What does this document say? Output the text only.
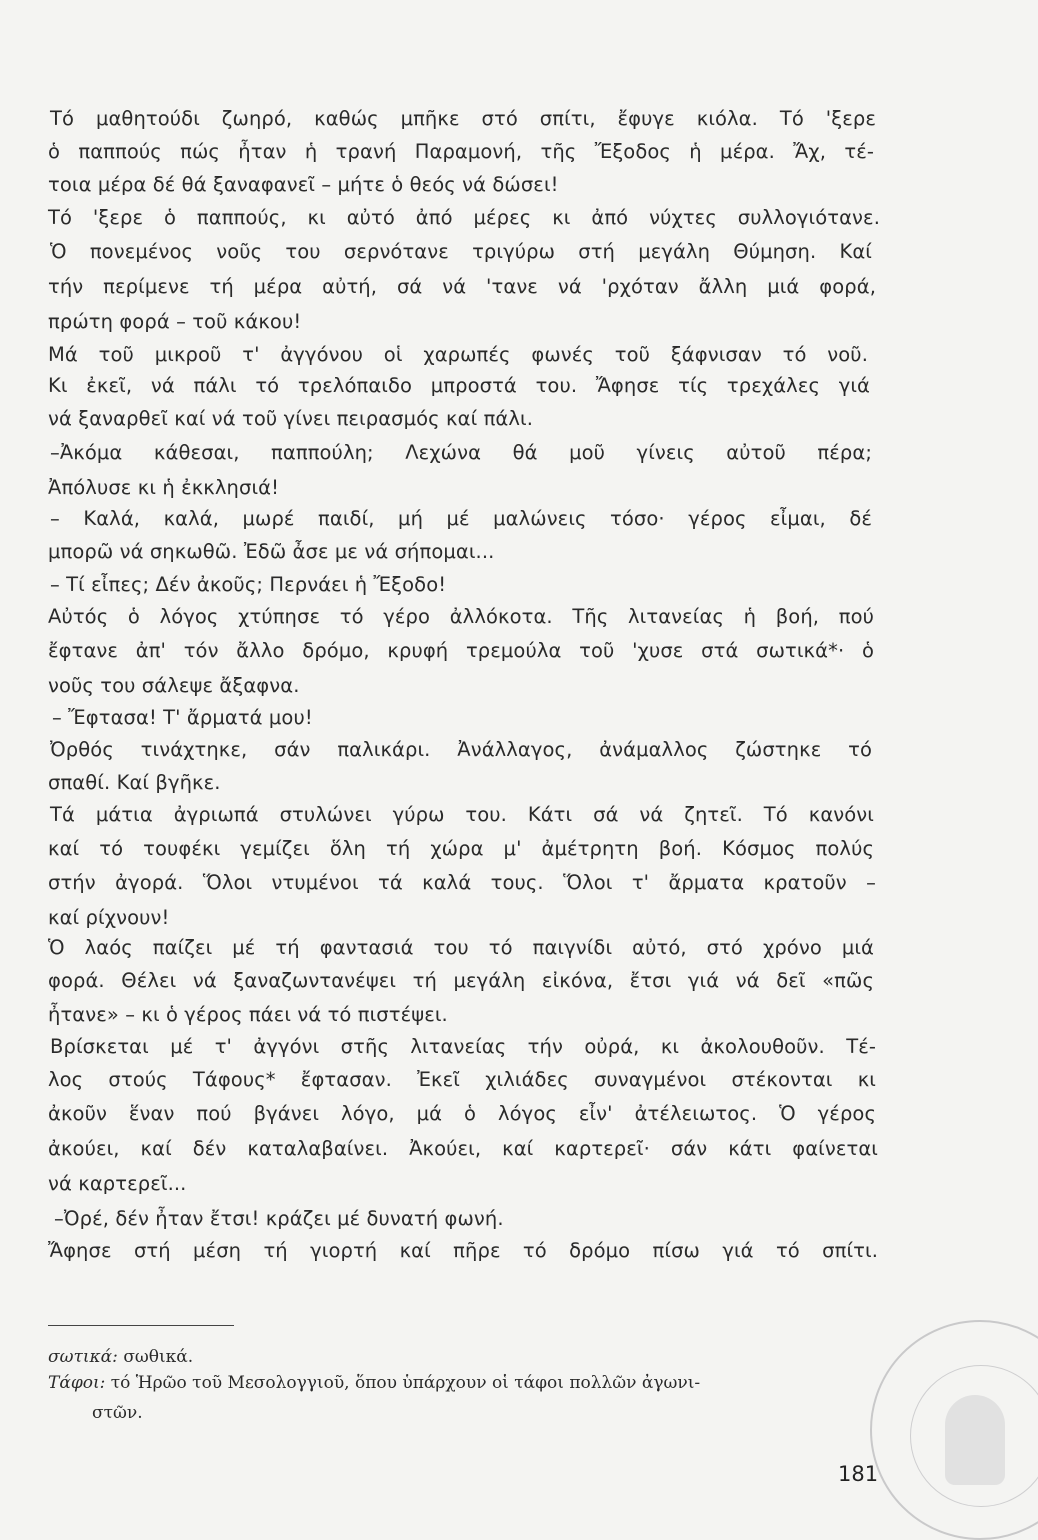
Τό μαθητούδι ζωηρό, καθώς μπῆκε στό σπίτι, ἔφυγε κιόλα. Τό 'ξερε
ὁ παππούς πώς ἦταν ἡ τρανή Παραμονή, τῆς Ἔξοδος ἡ μέρα. Ἄχ, τέ-
τοια μέρα δέ θά ξαναφανεῖ – μήτε ὁ θεός νά δώσει!
Τό 'ξερε ὁ παππούς, κι αὐτό ἀπό μέρες κι ἀπό νύχτες συλλογιότανε.
Ὁ πονεμένος νοῦς του σερνότανε τριγύρω στή μεγάλη Θύμηση. Καί
τήν περίμενε τή μέρα αὐτή, σά νά 'τανε νά 'ρχόταν ἄλλη μιά φορά,
πρώτη φορά – τοῦ κάκου!
Μά τοῦ μικροῦ τ' ἀγγόνου οἱ χαρωπές φωνές τοῦ ξάφνισαν τό νοῦ.
Κι ἐκεῖ, νά πάλι τό τρελόπαιδο μπροστά του. Ἄφησε τίς τρεχάλες γιά
νά ξαναρθεῖ καί νά τοῦ γίνει πειρασμός καί πάλι.
–Ἀκόμα κάθεσαι, παππούλη; Λεχώνα θά μοῦ γίνεις αὐτοῦ πέρα;
Ἀπόλυσε κι ἡ ἐκκλησιά!
– Καλά, καλά, μωρέ παιδί, μή μέ μαλώνεις τόσο· γέρος εἶμαι, δέ
μπορῶ νά σηκωθῶ. Ἐδῶ ἆσε με νά σήπομαι...
– Τί εἶπες; Δέν ἀκοῦς; Περνάει ἡ Ἔξοδο!
Αὐτός ὁ λόγος χτύπησε τό γέρο ἀλλόκοτα. Τῆς λιτανείας ἡ βοή, πού
ἔφτανε ἀπ' τόν ἄλλο δρόμο, κρυφή τρεμούλα τοῦ 'χυσε στά σωτικά*· ὁ
νοῦς του σάλεψε ἄξαφνα.
– Ἔφτασα! Τ' ἄρματά μου!
Ὀρθός τινάχτηκε, σάν παλικάρι. Ἀνάλλαγος, ἀνάμαλλος ζώστηκε τό
σπαθί. Καί βγῆκε.
Τά μάτια ἀγριωπά στυλώνει γύρω του. Κάτι σά νά ζητεῖ. Τό κανόνι
καί τό τουφέκι γεμίζει ὅλη τή χώρα μ' ἀμέτρητη βοή. Κόσμος πολύς
στήν ἀγορά. Ὅλοι ντυμένοι τά καλά τους. Ὅλοι τ' ἄρματα κρατοῦν –
καί ρίχνουν!
Ὁ λαός παίζει μέ τή φαντασιά του τό παιγνίδι αὐτό, στό χρόνο μιά
φορά. Θέλει νά ξαναζωντανέψει τή μεγάλη εἰκόνα, ἔτσι γιά νά δεῖ «πῶς
ἦτανε» – κι ὁ γέρος πάει νά τό πιστέψει.
Βρίσκεται μέ τ' ἀγγόνι στῆς λιτανείας τήν οὐρά, κι ἀκολουθοῦν. Τέ-
λος στούς Τάφους* ἔφτασαν. Ἐκεῖ χιλιάδες συναγμένοι στέκονται κι
ἀκοῦν ἕναν πού βγάνει λόγο, μά ὁ λόγος εἶν' ἀτέλειωτος. Ὁ γέρος
ἀκούει, καί δέν καταλαβαίνει. Ἀκούει, καί καρτερεῖ· σάν κάτι φαίνεται
νά καρτερεῖ...
–Ὀρέ, δέν ἦταν ἔτσι! κράζει μέ δυνατή φωνή.
Ἄφησε στή μέση τή γιορτή καί πῆρε τό δρόμο πίσω γιά τό σπίτι.
σωτικά: σωθικά.
Τάφοι: τό Ἡρῶο τοῦ Μεσολογγιοῦ, ὅπου ὑπάρχουν οἱ τάφοι πολλῶν ἀγωνι-
στῶν.
181
